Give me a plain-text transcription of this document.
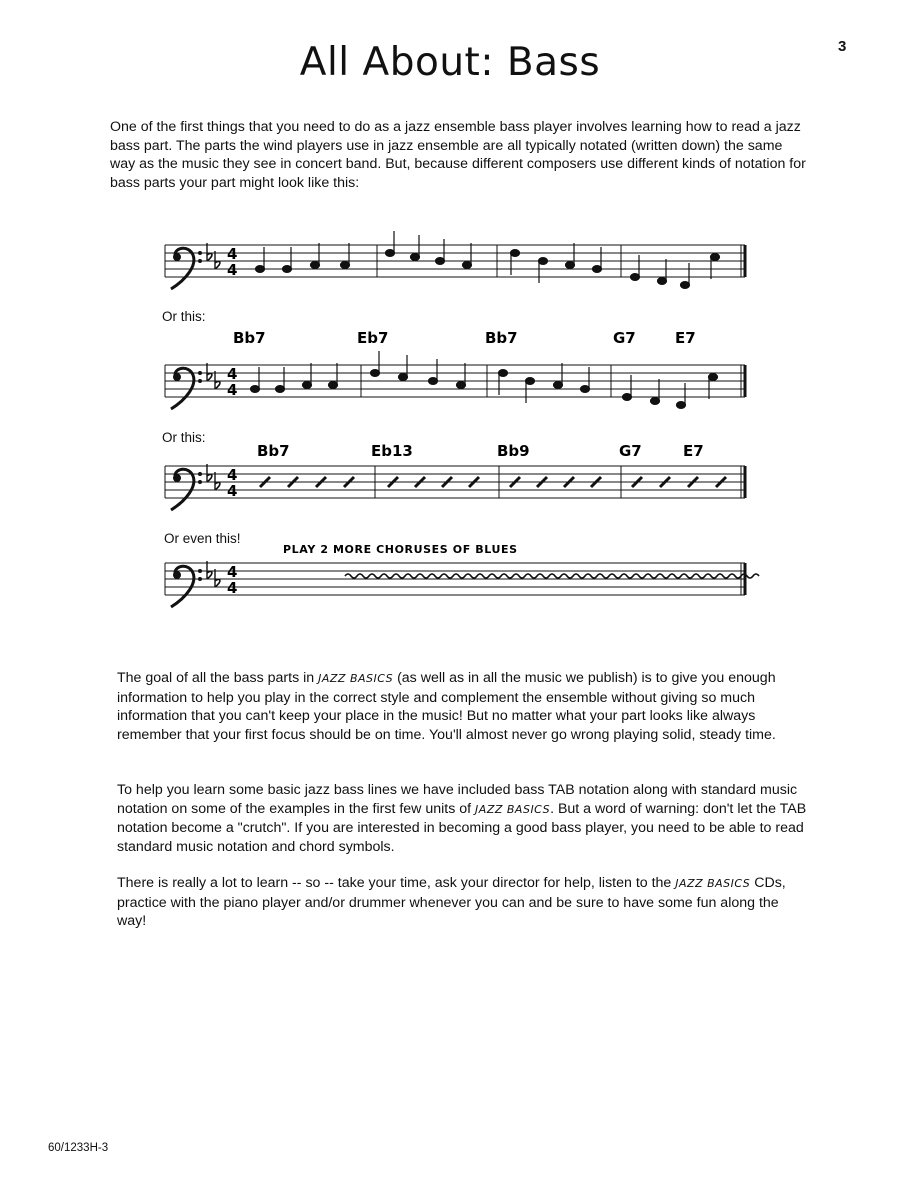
3
All About: Bass

One of the first things that you need to do as a jazz ensemble bass player involves learning how to read a jazz bass part. The parts the wind players use in jazz ensemble are all typically notated (written down) the same way as the music they see in concert band. But, because different composers use different kinds of notation for bass parts your part might look like this:

Or this:
Or this:
Or even this!
4
4
4
4
Bb7	Eb7	Bb7	G7	E7
4
4
Bb7	Eb13	Bb9	G7	E7
4
4
PLAY 2 MORE CHORUSES OF BLUES

The goal of all the bass parts in JAZZ BASICS (as well as in all the music we publish) is to give you enough information to help you play in the correct style and complement the ensemble without giving so much information that you can't keep your place in the music! But no matter what your part looks like always remember that your first focus should be on time. You'll almost never go wrong playing solid, steady time.

To help you learn some basic jazz bass lines we have included bass TAB notation along with standard music notation on some of the examples in the first few units of JAZZ BASICS. But a word of warning: don't let the TAB notation become a "crutch". If you are interested in becoming a good bass player, you need to be able to read standard music notation and chord symbols.

There is really a lot to learn -- so -- take your time, ask your director for help, listen to the JAZZ BASICS CDs, practice with the piano player and/or drummer whenever you can and be sure to have some fun along the way!

60/1233H-3
